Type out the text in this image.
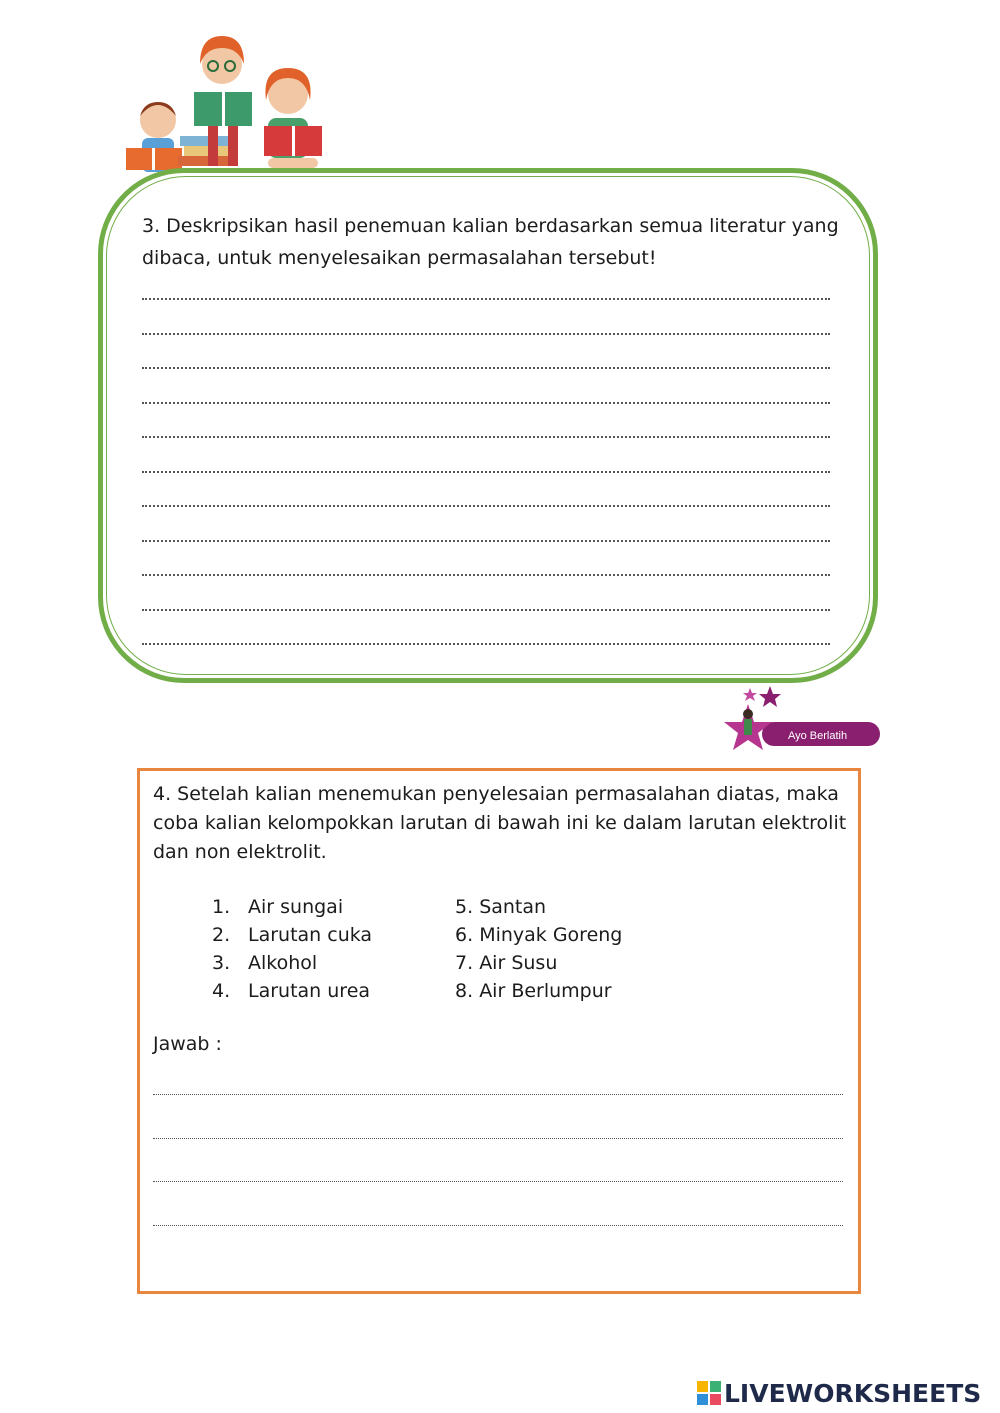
3. Deskripsikan hasil penemuan kalian berdasarkan semua literatur yang dibaca, untuk menyelesaikan permasalahan tersebut!

Ayo Berlatih

4. Setelah kalian menemukan penyelesaian permasalahan diatas, maka coba kalian kelompokkan larutan di bawah ini ke dalam larutan elektrolit dan non elektrolit.

1. Air sungai
2. Larutan cuka
3. Alkohol
4. Larutan urea
5.
Santan
6.
Minyak Goreng
7.
Air Susu
8.
Air Berlumpur

Jawab :

LIVEWORKSHEETS
